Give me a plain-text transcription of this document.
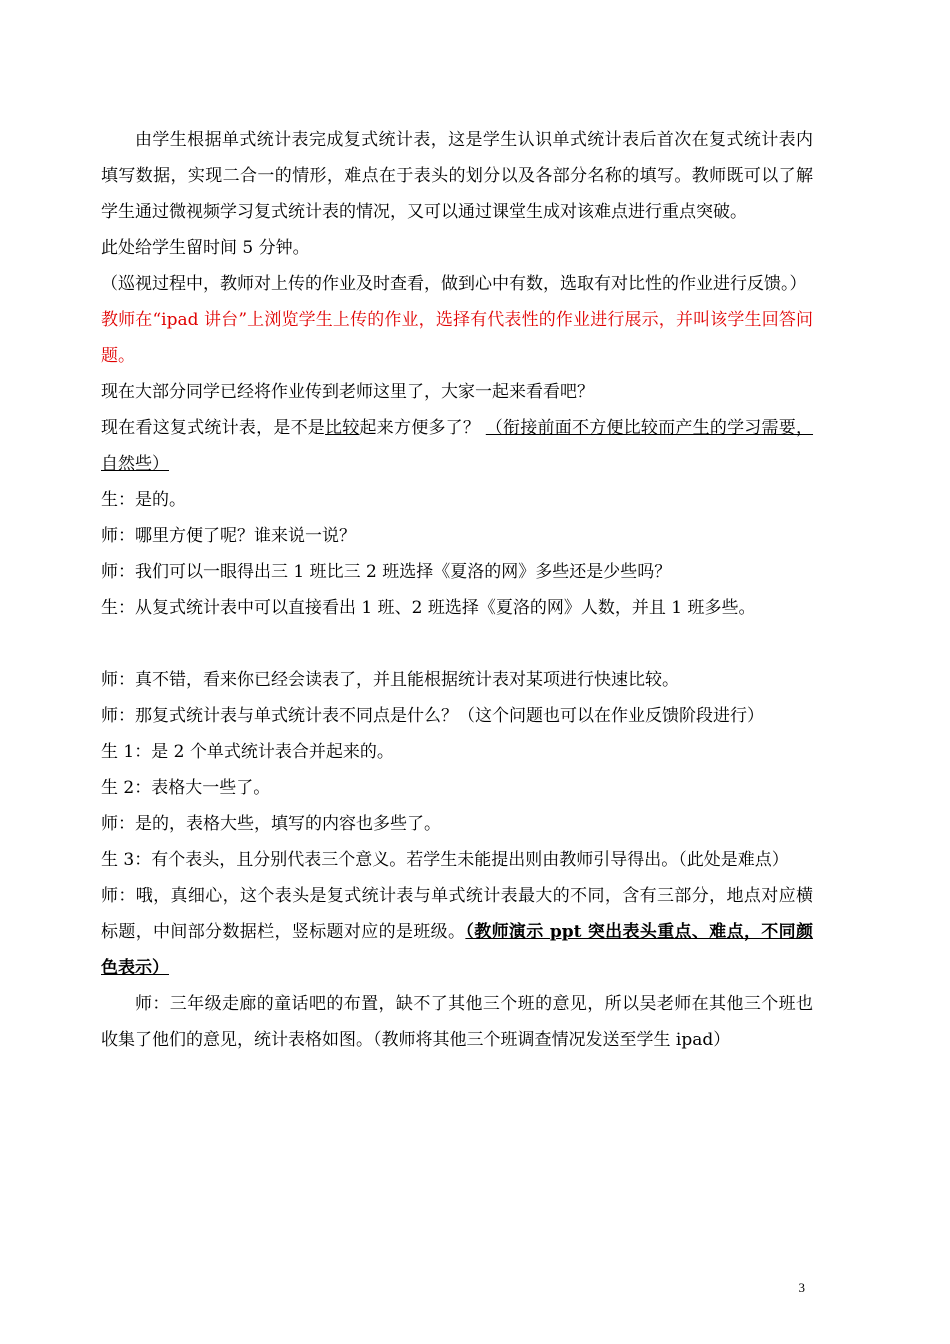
由学生根据单式统计表完成复式统计表，这是学生认识单式统计表后首次在复式统计表内填写数据，实现二合一的情形，难点在于表头的划分以及各部分名称的填写。教师既可以了解学生通过微视频学习复式统计表的情况，又可以通过课堂生成对该难点进行重点突破。

此处给学生留时间 5 分钟。

（巡视过程中，教师对上传的作业及时查看，做到心中有数，选取有对比性的作业进行反馈。）

教师在“ipad 讲台”上浏览学生上传的作业，选择有代表性的作业进行展示，并叫该学生回答问题。

现在大部分同学已经将作业传到老师这里了，大家一起来看看吧？

现在看这复式统计表，是不是比较起来方便多了？ （衔接前面不方便比较而产生的学习需要，自然些）

生：是的。

师：哪里方便了呢？谁来说一说？

师：我们可以一眼得出三 1 班比三 2 班选择《夏洛的网》多些还是少些吗？

生：从复式统计表中可以直接看出 1 班、2 班选择《夏洛的网》人数，并且 1 班多些。

师：真不错，看来你已经会读表了，并且能根据统计表对某项进行快速比较。

师：那复式统计表与单式统计表不同点是什么？（这个问题也可以在作业反馈阶段进行）

生 1：是 2 个单式统计表合并起来的。

生 2：表格大一些了。

师：是的，表格大些，填写的内容也多些了。

生 3：有个表头，且分别代表三个意义。若学生未能提出则由教师引导得出。（此处是难点）

师：哦，真细心，这个表头是复式统计表与单式统计表最大的不同，含有三部分，地点对应横标题，中间部分数据栏，竖标题对应的是班级。（教师演示 ppt 突出表头重点、难点，不同颜色表示）

师：三年级走廊的童话吧的布置，缺不了其他三个班的意见，所以吴老师在其他三个班也收集了他们的意见，统计表格如图。（教师将其他三个班调查情况发送至学生 ipad）

3
